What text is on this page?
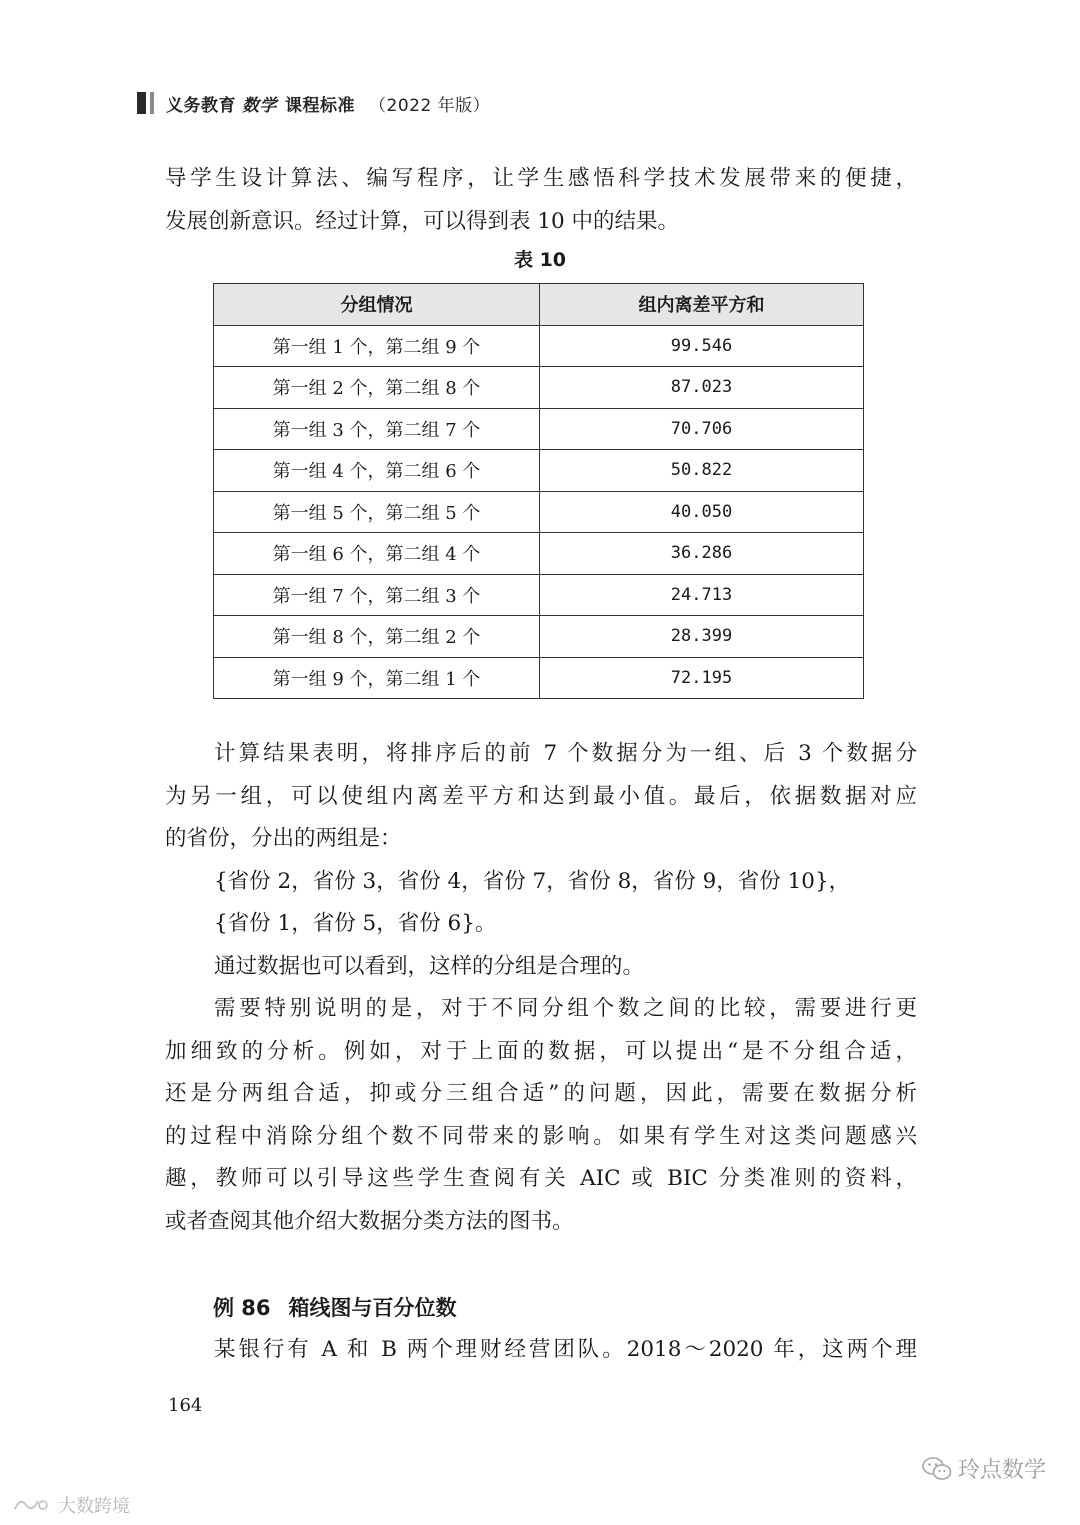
义务教育 数学 课程标准 （2022 年版）

导学生设计算法、编写程序，让学生感悟科学技术发展带来的便捷，

发展创新意识。经过计算，可以得到表 10 中的结果。

表 10
分组情况	组内离差平方和
第一组 1 个，第二组 9 个	99.546
第一组 2 个，第二组 8 个	87.023
第一组 3 个，第二组 7 个	70.706
第一组 4 个，第二组 6 个	50.822
第一组 5 个，第二组 5 个	40.050
第一组 6 个，第二组 4 个	36.286
第一组 7 个，第二组 3 个	24.713
第一组 8 个，第二组 2 个	28.399
第一组 9 个，第二组 1 个	72.195

计算结果表明，将排序后的前 7 个数据分为一组、后 3 个数据分

为另一组，可以使组内离差平方和达到最小值。最后，依据数据对应

的省份，分出的两组是：

{省份 2，省份 3，省份 4，省份 7，省份 8，省份 9，省份 10}，

{省份 1，省份 5，省份 6}。

通过数据也可以看到，这样的分组是合理的。

需要特别说明的是，对于不同分组个数之间的比较，需要进行更

加细致的分析。例如，对于上面的数据，可以提出“是不分组合适，

还是分两组合适，抑或分三组合适”的问题，因此，需要在数据分析

的过程中消除分组个数不同带来的影响。如果有学生对这类问题感兴

趣，教师可以引导这些学生查阅有关 AIC 或 BIC 分类准则的资料，

或者查阅其他介绍大数据分类方法的图书。

例 86 箱线图与百分位数

某银行有 A 和 B 两个理财经营团队。2018～2020 年，这两个理

164
玲点数学
大数跨境
